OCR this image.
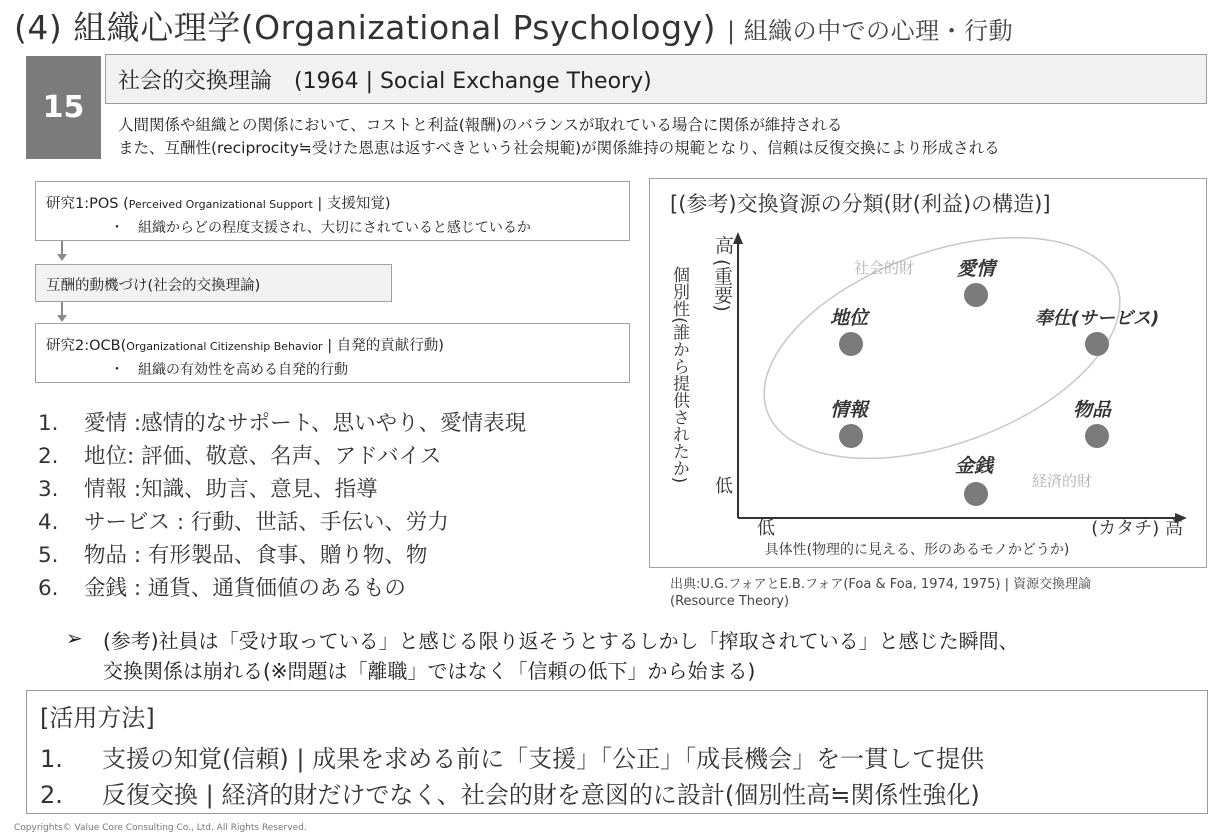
(4) 組織心理学(Organizational Psychology) | 組織の中での心理・行動
15
社会的交換理論　(1964 | Social Exchange Theory)
人間関係や組織との関係において、コストと利益(報酬)のバランスが取れている場合に関係が維持される
また、互酬性(reciprocity≒受けた恩恵は返すべきという社会規範)が関係維持の規範となり、信頼は反復交換により形成される
研究1:POS (Perceived Organizational Support | 支援知覚)
・　組織からどの程度支援され、大切にされていると感じているか
互酬的動機づけ(社会的交換理論)
研究2:OCB(Organizational Citizenship Behavior | 自発的貢献行動)
・　組織の有効性を高める自発的行動
1. 愛情 :感情的なサポート、思いやり、愛情表現
2. 地位: 評価、敬意、名声、アドバイス
3. 情報 :知識、助言、意見、指導
4. サービス : 行動、世話、手伝い、労力
5. 物品 : 有形製品、食事、贈り物、物
6. 金銭 : 通貨、通貨価値のあるもの
[(参考)交換資源の分類(財(利益)の構造)]
高
低
低	(カタチ) 高
具体性(物理的に見える、形のあるモノかどうか)
社会的財
経済的財
愛情
地位	奉仕(サービス)
情報	物品
金銭
(重要)
個別性(誰から提供されたか)
出典:U.G.フォアとE.B.フォア(Foa & Foa, 1974, 1975) | 資源交換理論
(Resource Theory)
➢ (参考)社員は「受け取っている」と感じる限り返そうとするしかし「搾取されている」と感じた瞬間、
交換関係は崩れる(※問題は「離職」ではなく「信頼の低下」から始まる)
[活用方法]
1. 支援の知覚(信頼) | 成果を求める前に「支援」「公正」「成長機会」を一貫して提供
2. 反復交換 | 経済的財だけでなく、社会的財を意図的に設計(個別性高≒関係性強化)
Copyrights© Value Core Consulting Co., Ltd. All Rights Reserved.
